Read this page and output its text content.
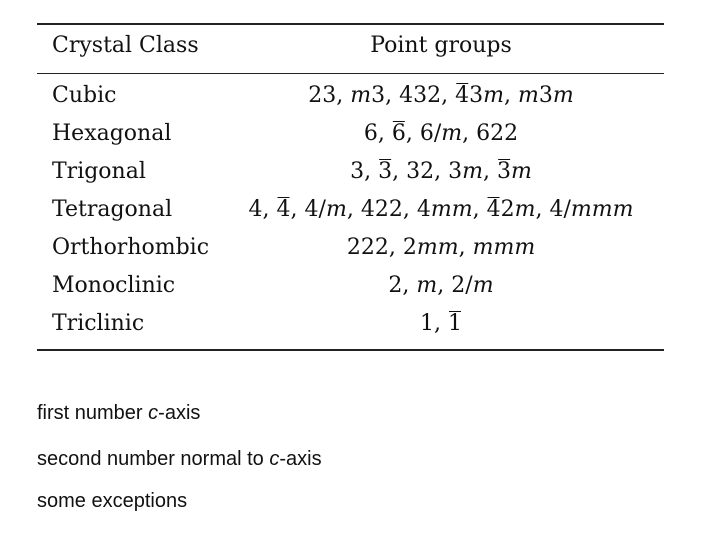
Crystal Class	Point groups
Cubic	23, m3, 432, 43m, m3m
Hexagonal	6, 6, 6/m, 622
Trigonal	3, 3, 32, 3m, 3m
Tetragonal	4, 4, 4/m, 422, 4mm, 42m, 4/mmm
Orthorhombic	222, 2mm, mmm
Monoclinic	2, m, 2/m
Triclinic	1, 1
first number c-axis
second number normal to c-axis
some exceptions
